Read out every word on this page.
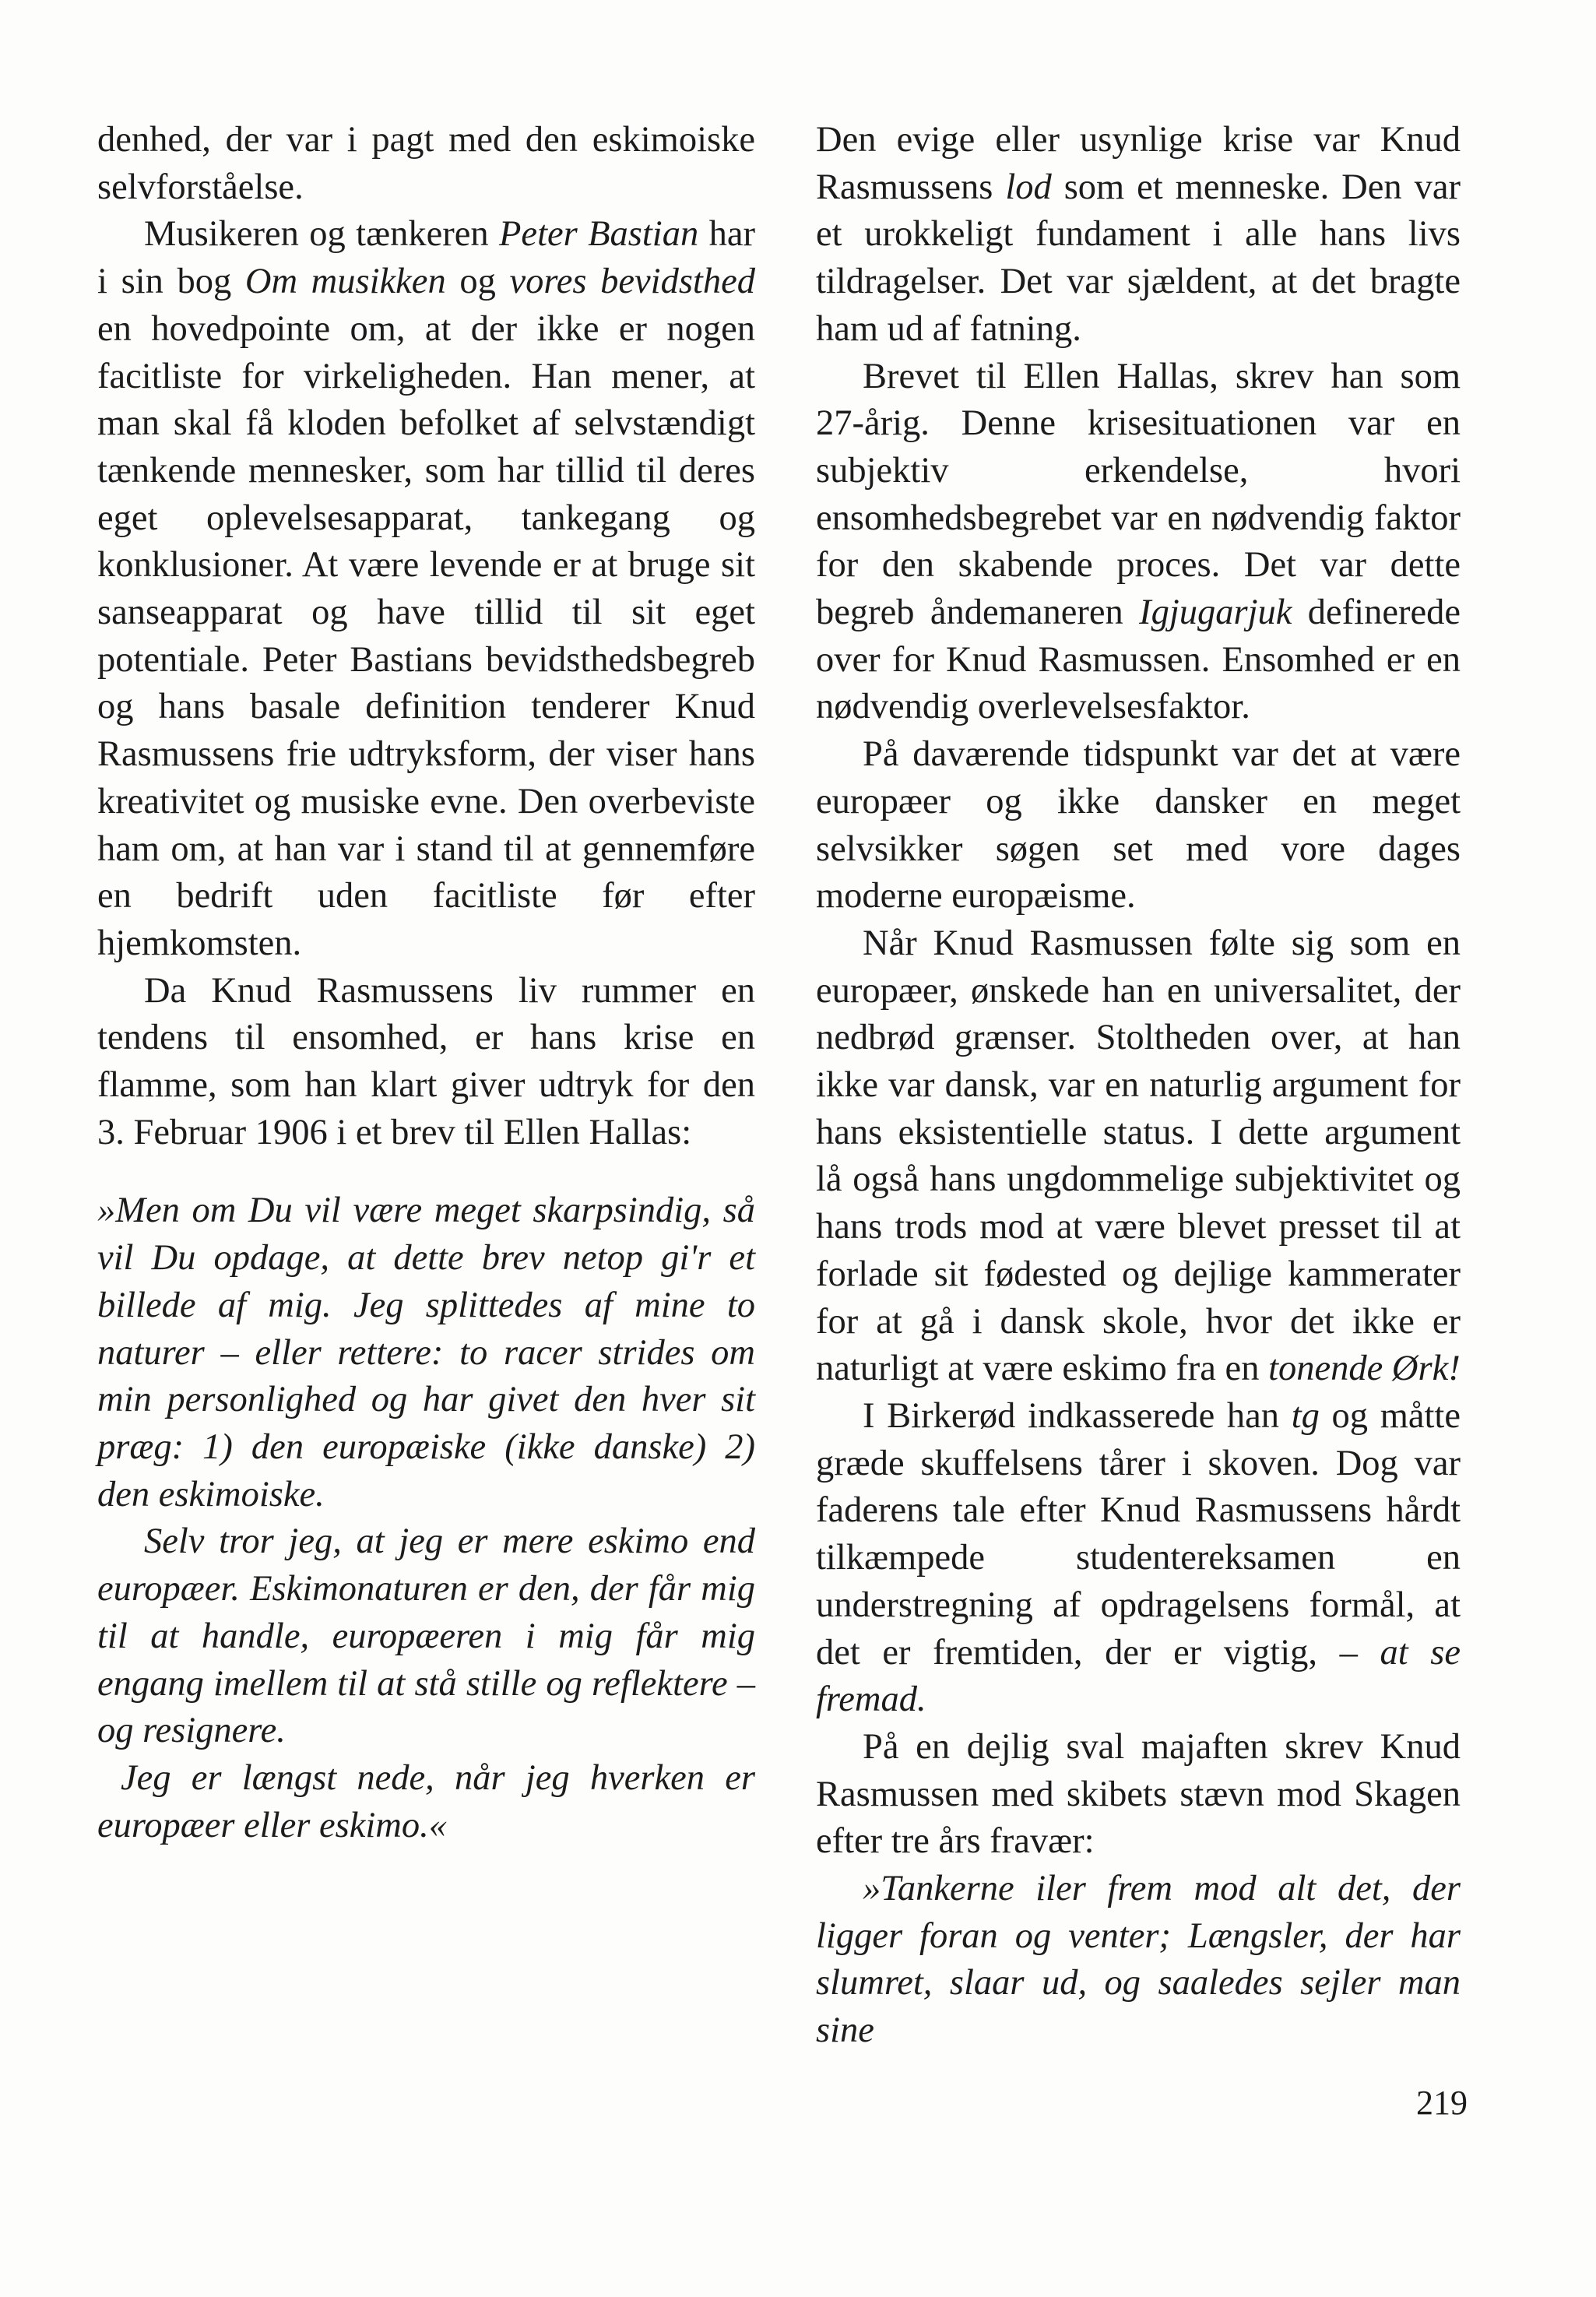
denhed, der var i pagt med den eskimoiske selvforståelse.

Musikeren og tænkeren Peter Bastian har i sin bog Om musikken og vores bevidsthed en hovedpointe om, at der ikke er nogen facitliste for virkeligheden. Han mener, at man skal få kloden befolket af selvstændigt tænkende mennesker, som har tillid til deres eget oplevelsesapparat, tankegang og konklusioner. At være levende er at bruge sit sanseapparat og have tillid til sit eget potentiale. Peter Bastians bevidsthedsbegreb og hans basale definition tenderer Knud Rasmussens frie udtryksform, der viser hans kreativitet og musiske evne. Den overbeviste ham om, at han var i stand til at gennemføre en bedrift uden facitliste før efter hjemkomsten.

Da Knud Rasmussens liv rummer en tendens til ensomhed, er hans krise en flamme, som han klart giver udtryk for den 3. Februar 1906 i et brev til Ellen Hallas:

»Men om Du vil være meget skarpsindig, så vil Du opdage, at dette brev netop gi'r et billede af mig. Jeg splittedes af mine to naturer – eller rettere: to racer strides om min personlighed og har givet den hver sit præg: 1) den europæiske (ikke danske) 2) den eskimoiske.

Selv tror jeg, at jeg er mere eskimo end europæer. Eskimonaturen er den, der får mig til at handle, europæeren i mig får mig engang imellem til at stå stille og reflektere – og resignere.

Jeg er længst nede, når jeg hverken er europæer eller eskimo.«

Den evige eller usynlige krise var Knud Rasmussens lod som et menneske. Den var et urokkeligt fundament i alle hans livs tildragelser. Det var sjældent, at det bragte ham ud af fatning.

Brevet til Ellen Hallas, skrev han som 27-årig. Denne krisesituationen var en subjektiv erkendelse, hvori ensomhedsbegrebet var en nødvendig faktor for den skabende proces. Det var dette begreb åndemaneren Igjugarjuk definerede over for Knud Rasmussen. Ensomhed er en nødvendig overlevelsesfaktor.

På daværende tidspunkt var det at være europæer og ikke dansker en meget selvsikker søgen set med vore dages moderne europæisme.

Når Knud Rasmussen følte sig som en europæer, ønskede han en universalitet, der nedbrød grænser. Stoltheden over, at han ikke var dansk, var en naturlig argument for hans eksistentielle status. I dette argument lå også hans ungdommelige subjektivitet og hans trods mod at være blevet presset til at forlade sit fødested og dejlige kammerater for at gå i dansk skole, hvor det ikke er naturligt at være eskimo fra en tonende Ørk!

I Birkerød indkasserede han tg og måtte græde skuffelsens tårer i skoven. Dog var faderens tale efter Knud Rasmussens hårdt tilkæmpede studentereksamen en understregning af opdragelsens formål, at det er fremtiden, der er vigtig, – at se fremad.

På en dejlig sval majaften skrev Knud Rasmussen med skibets stævn mod Skagen efter tre års fravær:

»Tankerne iler frem mod alt det, der ligger foran og venter; Længsler, der har slumret, slaar ud, og saaledes sejler man sine

219
